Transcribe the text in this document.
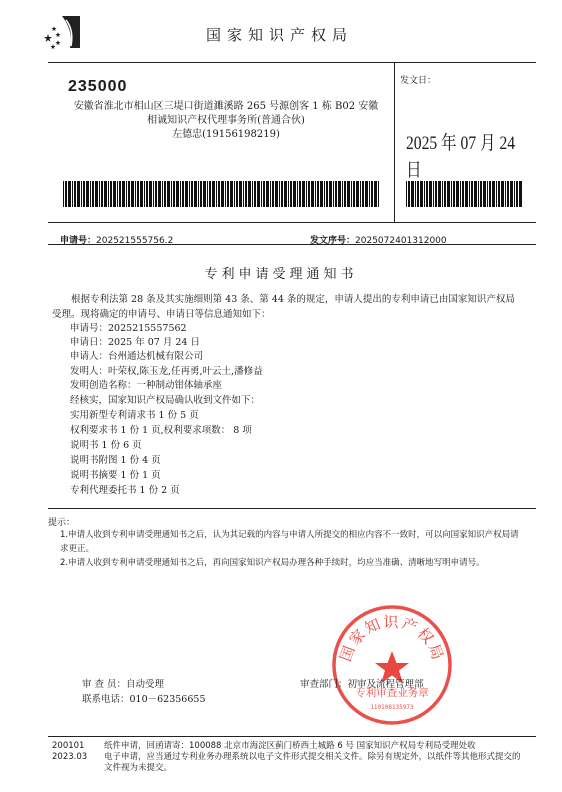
国家知识产权局
235000
安徽省淮北市相山区三堤口街道濉溪路 265 号源创客 1 栋 B02 安徽
相诚知识产权代理事务所(普通合伙)
左德忠(19156198219)
发文日：
2025 年 07 月 24 日
申请号：202521555756.2	发文序号：2025072401312000
专利申请受理通知书
根据专利法第 28 条及其实施细则第 43 条、第 44 条的规定，申请人提出的专利申请已由国家知识产权局受理。现将确定的申请号、申请日等信息通知如下：
申请号：2025215557562
申请日：2025 年 07 月 24 日
申请人：台州通达机械有限公司
发明人：叶荣权,陈玉龙,任再勇,叶云土,潘修益
发明创造名称：一种制动钳体轴承座
经核实，国家知识产权局确认收到文件如下：
实用新型专利请求书 1 份 5 页
权利要求书 1 份 1 页,权利要求项数： 8 项
说明书 1 份 6 页
说明书附图 1 份 4 页
说明书摘要 1 份 1 页
专利代理委托书 1 份 2 页
提示：
1.申请人收到专利申请受理通知书之后，认为其记载的内容与申请人所提交的相应内容不一致时，可以向国家知识产权局请求更正。
2.申请人收到专利申请受理通知书之后，再向国家知识产权局办理各种手续时，均应当准确、清晰地写明申请号。
国家知识产权局
专利审查业务章
110108135973
审 查 员：自动受理
联系电话：010－62356655
审查部门：初审及流程管理部
200101
2023.03
纸件申请，回函请寄：100088 北京市海淀区蓟门桥西土城路 6 号 国家知识产权局专利局受理处收
电子申请，应当通过专利业务办理系统以电子文件形式提交相关文件。除另有规定外，以纸件等其他形式提交的
文件视为未提交。
